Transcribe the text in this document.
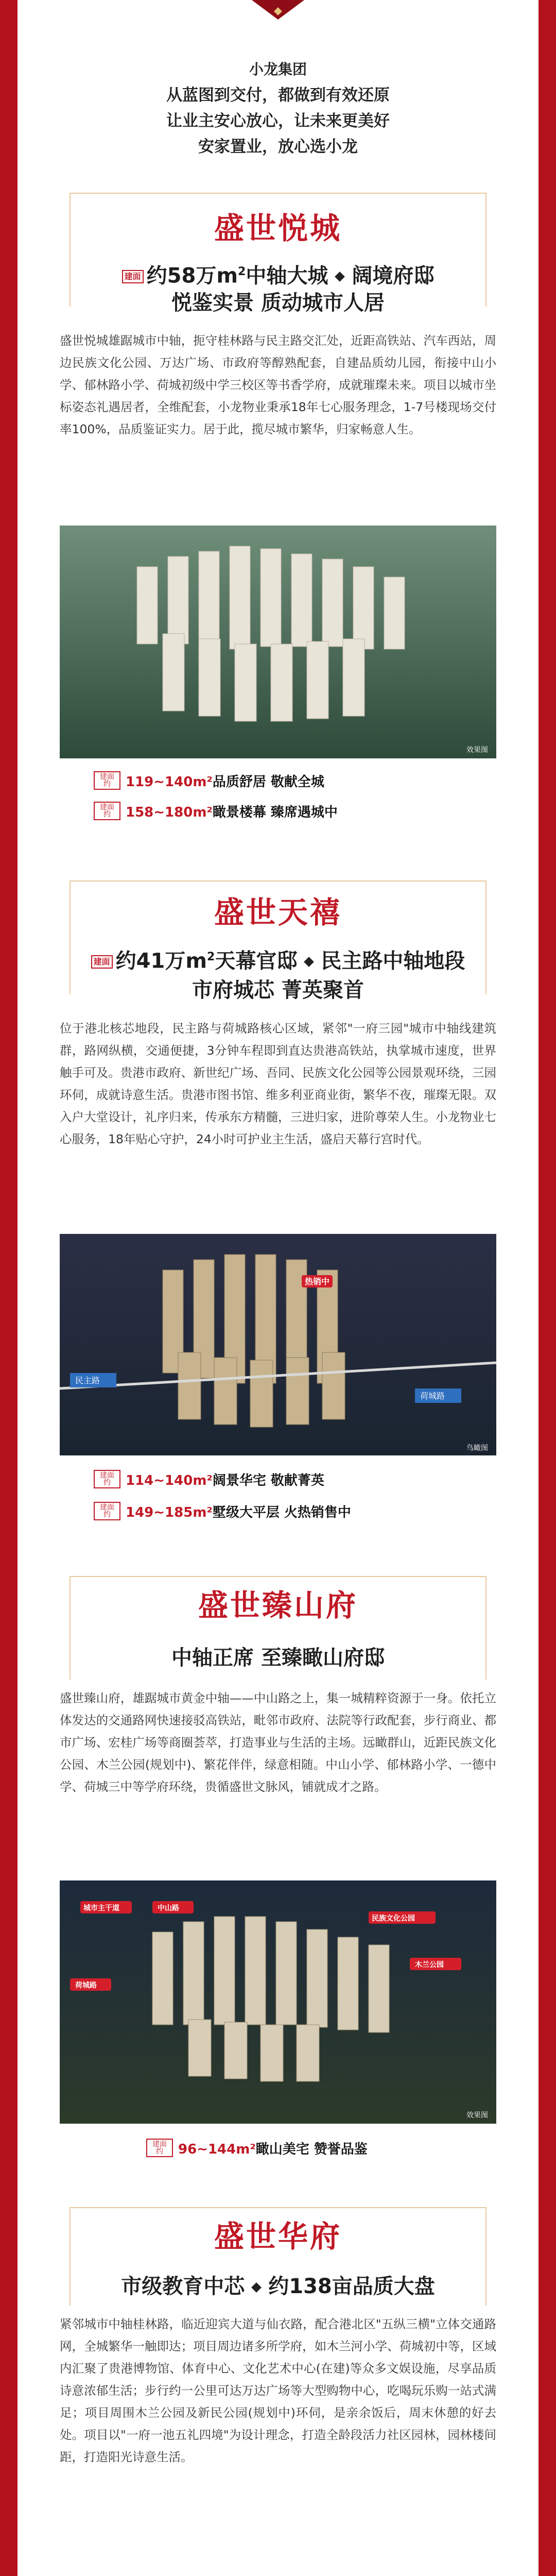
小龙集团
从蓝图到交付，都做到有效还原
让业主安心放心，让未来更美好
安家置业，放心选小龙
盛世悦城
建面 约58万$m^2$中轴大城 阔境府邸
悦鉴实景 质动城市人居
盛世悦城雄踞城市中轴，扼守桂林路与民主路交汇处，近距高铁站、汽车西站，周边民族文化公园、万达广场、市政府等醇熟配套，自建品质幼儿园，衔接中山小学、郁林路小学、荷城初级中学三校区等书香学府，成就璀璨未来。项目以城市坐标姿态礼遇居者，全维配套，小龙物业秉承18年七心服务理念，1-7号楼现场交付率100%，品质鉴证实力。居于此，揽尽城市繁华，归家畅意人生。
效果图
建面约	119~140m²品质舒居 敬献全城
建面约	158~180m²瞰景楼幕 臻席遇城中
盛世天禧
建面 约41万$m^2$天幕官邸 民主路中轴地段
市府城芯 菁英聚首
位于港北核芯地段，民主路与荷城路核心区域，紧邻"一府三园"城市中轴线建筑群，路网纵横，交通便捷，3分钟车程即到直达贵港高铁站，执掌城市速度，世界触手可及。贵港市政府、新世纪广场、吾同、民族文化公园等公园景观环绕，三园环伺，成就诗意生活。贵港市图书馆、维多利亚商业街，繁华不夜，璀璨无限。双入户大堂设计，礼序归来，传承东方精髓，三进归家，进阶尊荣人生。小龙物业七心服务，18年贴心守护，24小时可护业主生活，盛启天幕行宫时代。
热销中
民主路
荷城路
鸟瞰图
建面约	114~140m²阔景华宅 敬献菁英
建面约	149~185m²墅级大平层 火热销售中
盛世臻山府
中轴正席 至臻瞰山府邸
盛世臻山府，雄踞城市黄金中轴——中山路之上，集一城精粹资源于一身。依托立体发达的交通路网快速接驳高铁站，毗邻市政府、法院等行政配套，步行商业、都市广场、宏桂广场等商圈荟萃，打造事业与生活的主场。远瞰群山，近距民族文化公园、木兰公园(规划中)、繁花伴伴，绿意相随。中山小学、郁林路小学、一德中学、荷城三中等学府环绕，贵循盛世文脉风，铺就成才之路。
城市主干道	中山路
荷城路
民族文化公园
木兰公园
效果图
建面约	96~144m²瞰山美宅 赞誉品鉴
盛世华府
市级教育中芯 约138亩品质大盘
紧邻城市中轴桂林路，临近迎宾大道与仙衣路，配合港北区"五纵三横"立体交通路网，全城繁华一触即达；项目周边诸多所学府，如木兰河小学、荷城初中等，区域内汇聚了贵港博物馆、体育中心、文化艺术中心(在建)等众多文娱设施，尽享品质诗意浓郁生活；步行约一公里可达万达广场等大型购物中心，吃喝玩乐购一站式满足；项目周围木兰公园及新民公园(规划中)环伺，是亲余饭后，周末休憩的好去处。项目以"一府一池五礼四境"为设计理念，打造全龄段活力社区园林，园林楼间距，打造阳光诗意生活。
